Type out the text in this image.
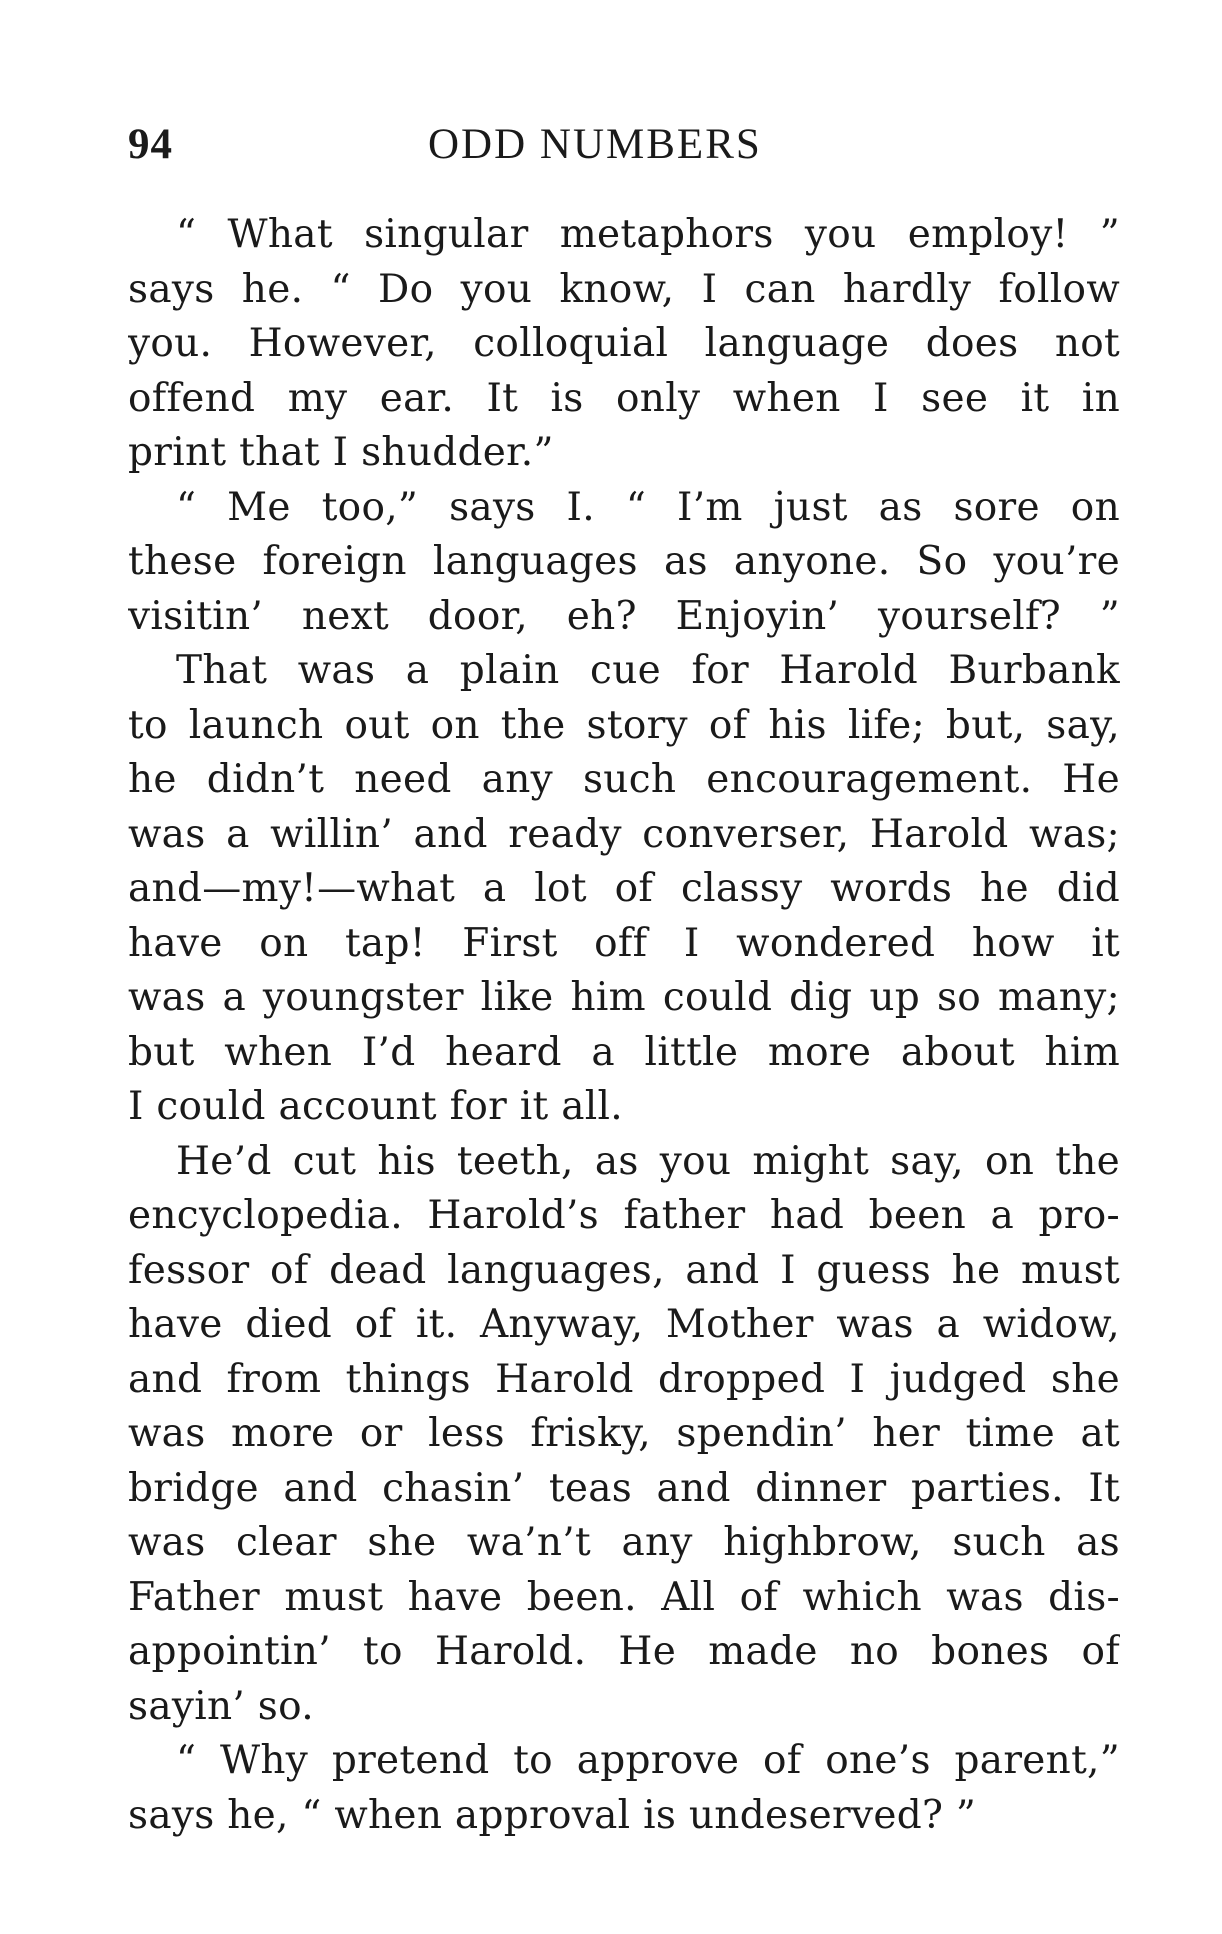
94	ODD NUMBERS
“ What singular metaphors you employ! ”
says he. “ Do you know, I can hardly follow
you. However, colloquial language does not
offend my ear. It is only when I see it in
print that I shudder.”
“ Me too,” says I. “ I’m just as sore on
these foreign languages as anyone. So you’re
visitin’ next door, eh? Enjoyin’ yourself? ”
That was a plain cue for Harold Burbank
to launch out on the story of his life; but, say,
he didn’t need any such encouragement. He
was a willin’ and ready converser, Harold was;
and—my!—what a lot of classy words he did
have on tap! First off I wondered how it
was a youngster like him could dig up so many;
but when I’d heard a little more about him
I could account for it all.
He’d cut his teeth, as you might say, on the
encyclopedia. Harold’s father had been a pro-
fessor of dead languages, and I guess he must
have died of it. Anyway, Mother was a widow,
and from things Harold dropped I judged she
was more or less frisky, spendin’ her time at
bridge and chasin’ teas and dinner parties. It
was clear she wa’n’t any highbrow, such as
Father must have been. All of which was dis-
appointin’ to Harold. He made no bones of
sayin’ so.
“ Why pretend to approve of one’s parent,”
says he, “ when approval is undeserved? ”
